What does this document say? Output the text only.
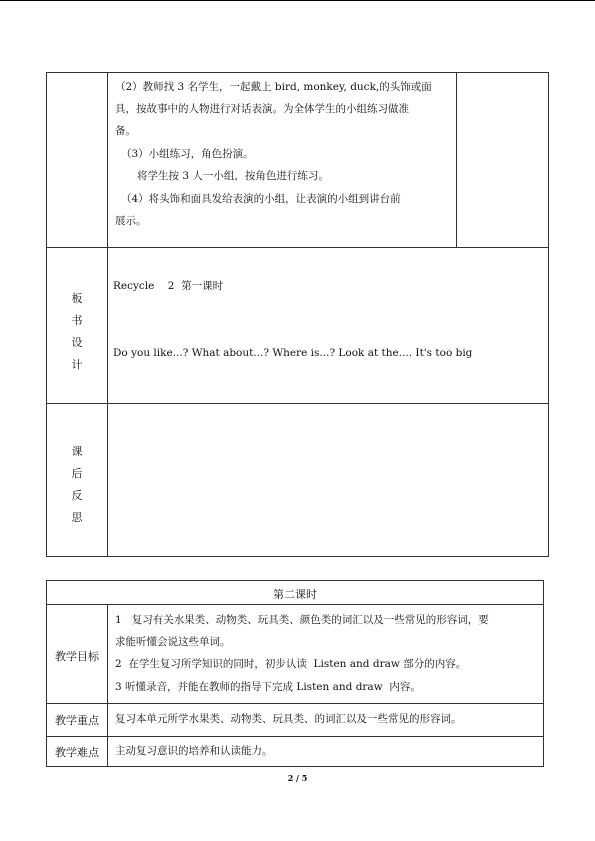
（2）教师找 3 名学生，一起戴上 bird, monkey, duck,的头饰或面
具，按故事中的人物进行对话表演。为全体学生的小组练习做准
备。
（3）小组练习，角色扮演。
将学生按 3 人一小组，按角色进行练习。
（4）将头饰和面具发给表演的小组，让表演的小组到讲台前
展示。
板
书
设
计
Recycle    2  第一课时
Do you like...? What about...? Where is...? Look at the.... It's too big
课
后
反
思
第二课时
教学目标
1   复习有关水果类、动物类、玩具类、颜色类的词汇以及一些常见的形容词，要
求能听懂会说这些单词。
2  在学生复习所学知识的同时，初步认读  Listen and draw 部分的内容。
3 听懂录音，并能在教师的指导下完成 Listen and draw  内容。
教学重点	复习本单元所学水果类、动物类、玩具类、的词汇以及一些常见的形容词。
教学难点	主动复习意识的培养和认读能力。
2 / 5
